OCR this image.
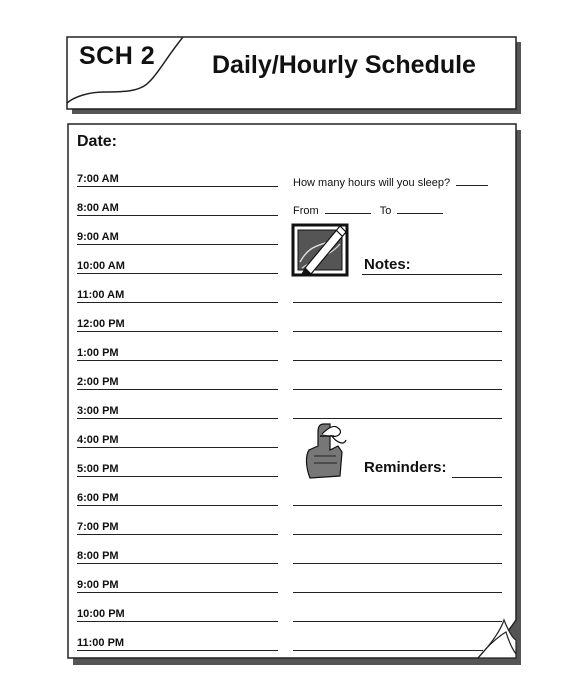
SCH 2 Daily/Hourly Schedule
Date:
7:00 AM
8:00 AM
9:00 AM
10:00 AM
11:00 AM
12:00 PM
1:00 PM
2:00 PM
3:00 PM
4:00 PM
5:00 PM
6:00 PM
7:00 PM
8:00 PM
9:00 PM
10:00 PM
11:00 PM
How many hours will you sleep?
From	To
Notes:
Reminders:
